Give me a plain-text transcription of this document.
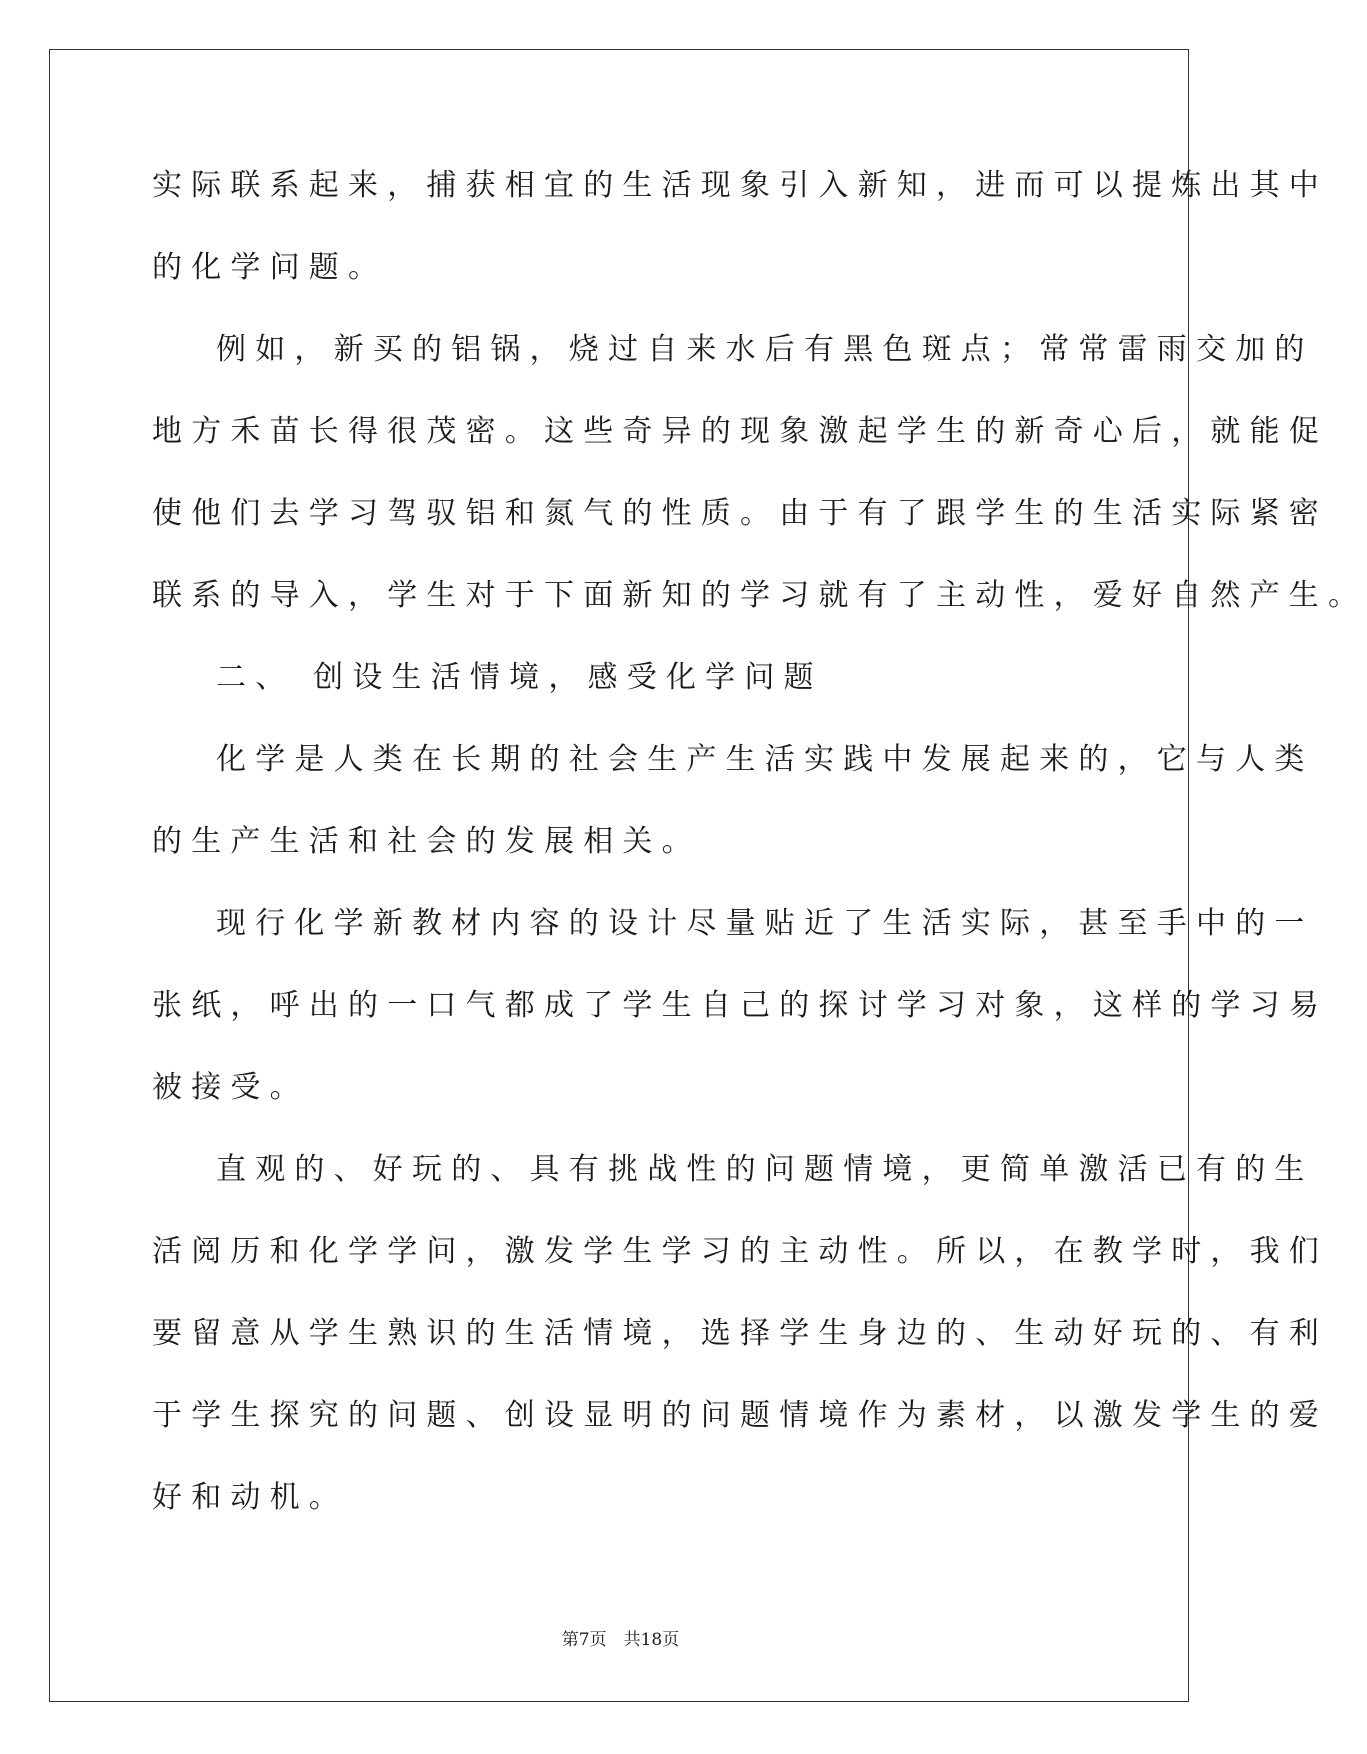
实际联系起来，捕获相宜的生活现象引入新知，进而可以提炼出其中
的化学问题。
例如，新买的铝锅，烧过自来水后有黑色斑点；常常雷雨交加的
地方禾苗长得很茂密。这些奇异的现象激起学生的新奇心后，就能促
使他们去学习驾驭铝和氮气的性质。由于有了跟学生的生活实际紧密
联系的导入，学生对于下面新知的学习就有了主动性，爱好自然产生。
二、 创设生活情境，感受化学问题
化学是人类在长期的社会生产生活实践中发展起来的，它与人类
的生产生活和社会的发展相关。
现行化学新教材内容的设计尽量贴近了生活实际，甚至手中的一
张纸，呼出的一口气都成了学生自己的探讨学习对象，这样的学习易
被接受。
直观的、好玩的、具有挑战性的问题情境，更简单激活已有的生
活阅历和化学学问，激发学生学习的主动性。所以，在教学时，我们
要留意从学生熟识的生活情境，选择学生身边的、生动好玩的、有利
于学生探究的问题、创设显明的问题情境作为素材，以激发学生的爱
好和动机。
第7页　共18页
